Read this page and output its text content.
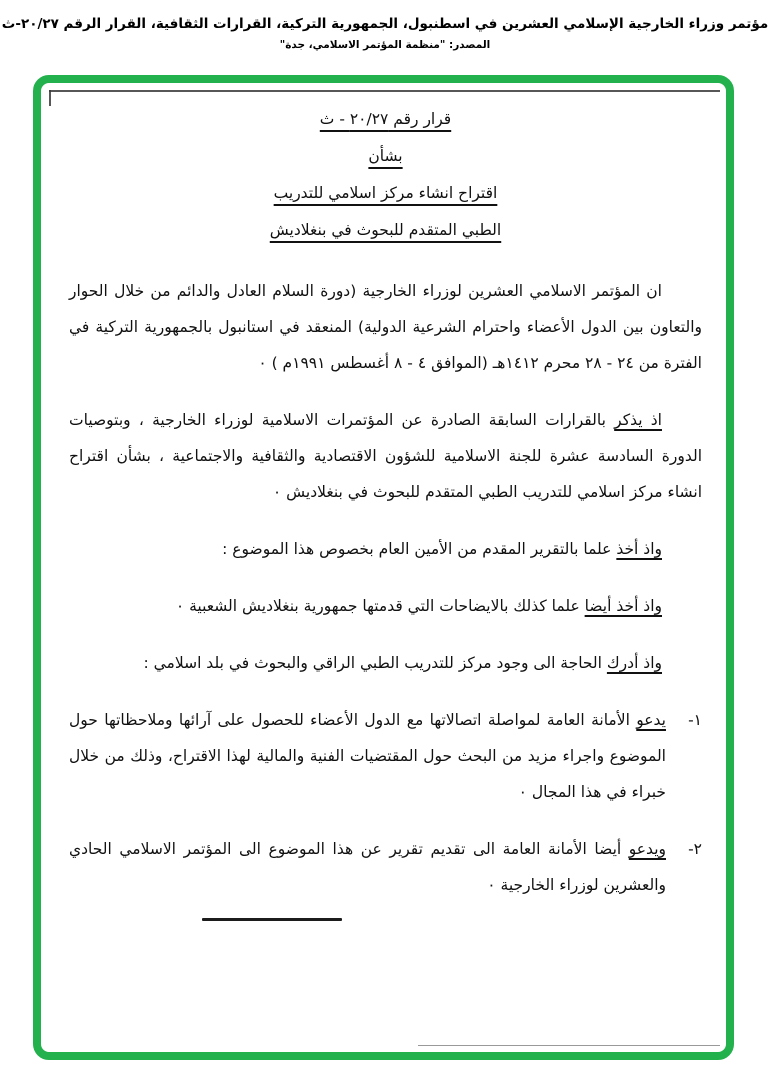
مؤتمر وزراء الخارجية الإسلامي العشرين في اسطنبول، الجمهورية التركية، القرارات الثقافية، القرار الرقم ٢٠/٢٧-ث
المصدر: "منظمة المؤتمر الاسلامي، جدة"
قرار رقم ٢٠/٢٧ - ث
بشأن
اقتراح انشاء مركز اسلامي للتدريب
الطبي المتقدم للبحوث في بنغلاديش

ان المؤتمر الاسلامي العشرين لوزراء الخارجية (دورة السلام العادل والدائم من خلال الحوار والتعاون بين الدول الأعضاء واحترام الشرعية الدولية) المنعقد في استانبول بالجمهورية التركية في الفترة من ٢٤ - ٢٨ محرم ١٤١٢هـ (الموافق ٤ - ٨ أغسطس ١٩٩١م ) ٠

اذ يذكر بالقرارات السابقة الصادرة عن المؤتمرات الاسلامية لوزراء الخارجية ، وبتوصيات الدورة السادسة عشرة للجنة الاسلامية للشؤون الاقتصادية والثقافية والاجتماعية ، بشأن اقتراح انشاء مركز اسلامي للتدريب الطبي المتقدم للبحوث في بنغلاديش ٠

واذ أخذ علما بالتقرير المقدم من الأمين العام بخصوص هذا الموضوع :

واذ أخذ أيضا علما كذلك بالايضاحات التي قدمتها جمهورية بنغلاديش الشعبية ٠

واذ أدرك الحاجة الى وجود مركز للتدريب الطبي الراقي والبحوث في بلد اسلامي :

١-
يدعو الأمانة العامة لمواصلة اتصالاتها مع الدول الأعضاء للحصول على آرائها وملاحظاتها حول الموضوع واجراء مزيد من البحث حول المقتضيات الفنية والمالية لهذا الاقتراح، وذلك من خلال خبراء في هذا المجال ٠
٢-
ويدعو أيضا الأمانة العامة الى تقديم تقرير عن هذا الموضوع الى المؤتمر الاسلامي الحادي والعشرين لوزراء الخارجية ٠
